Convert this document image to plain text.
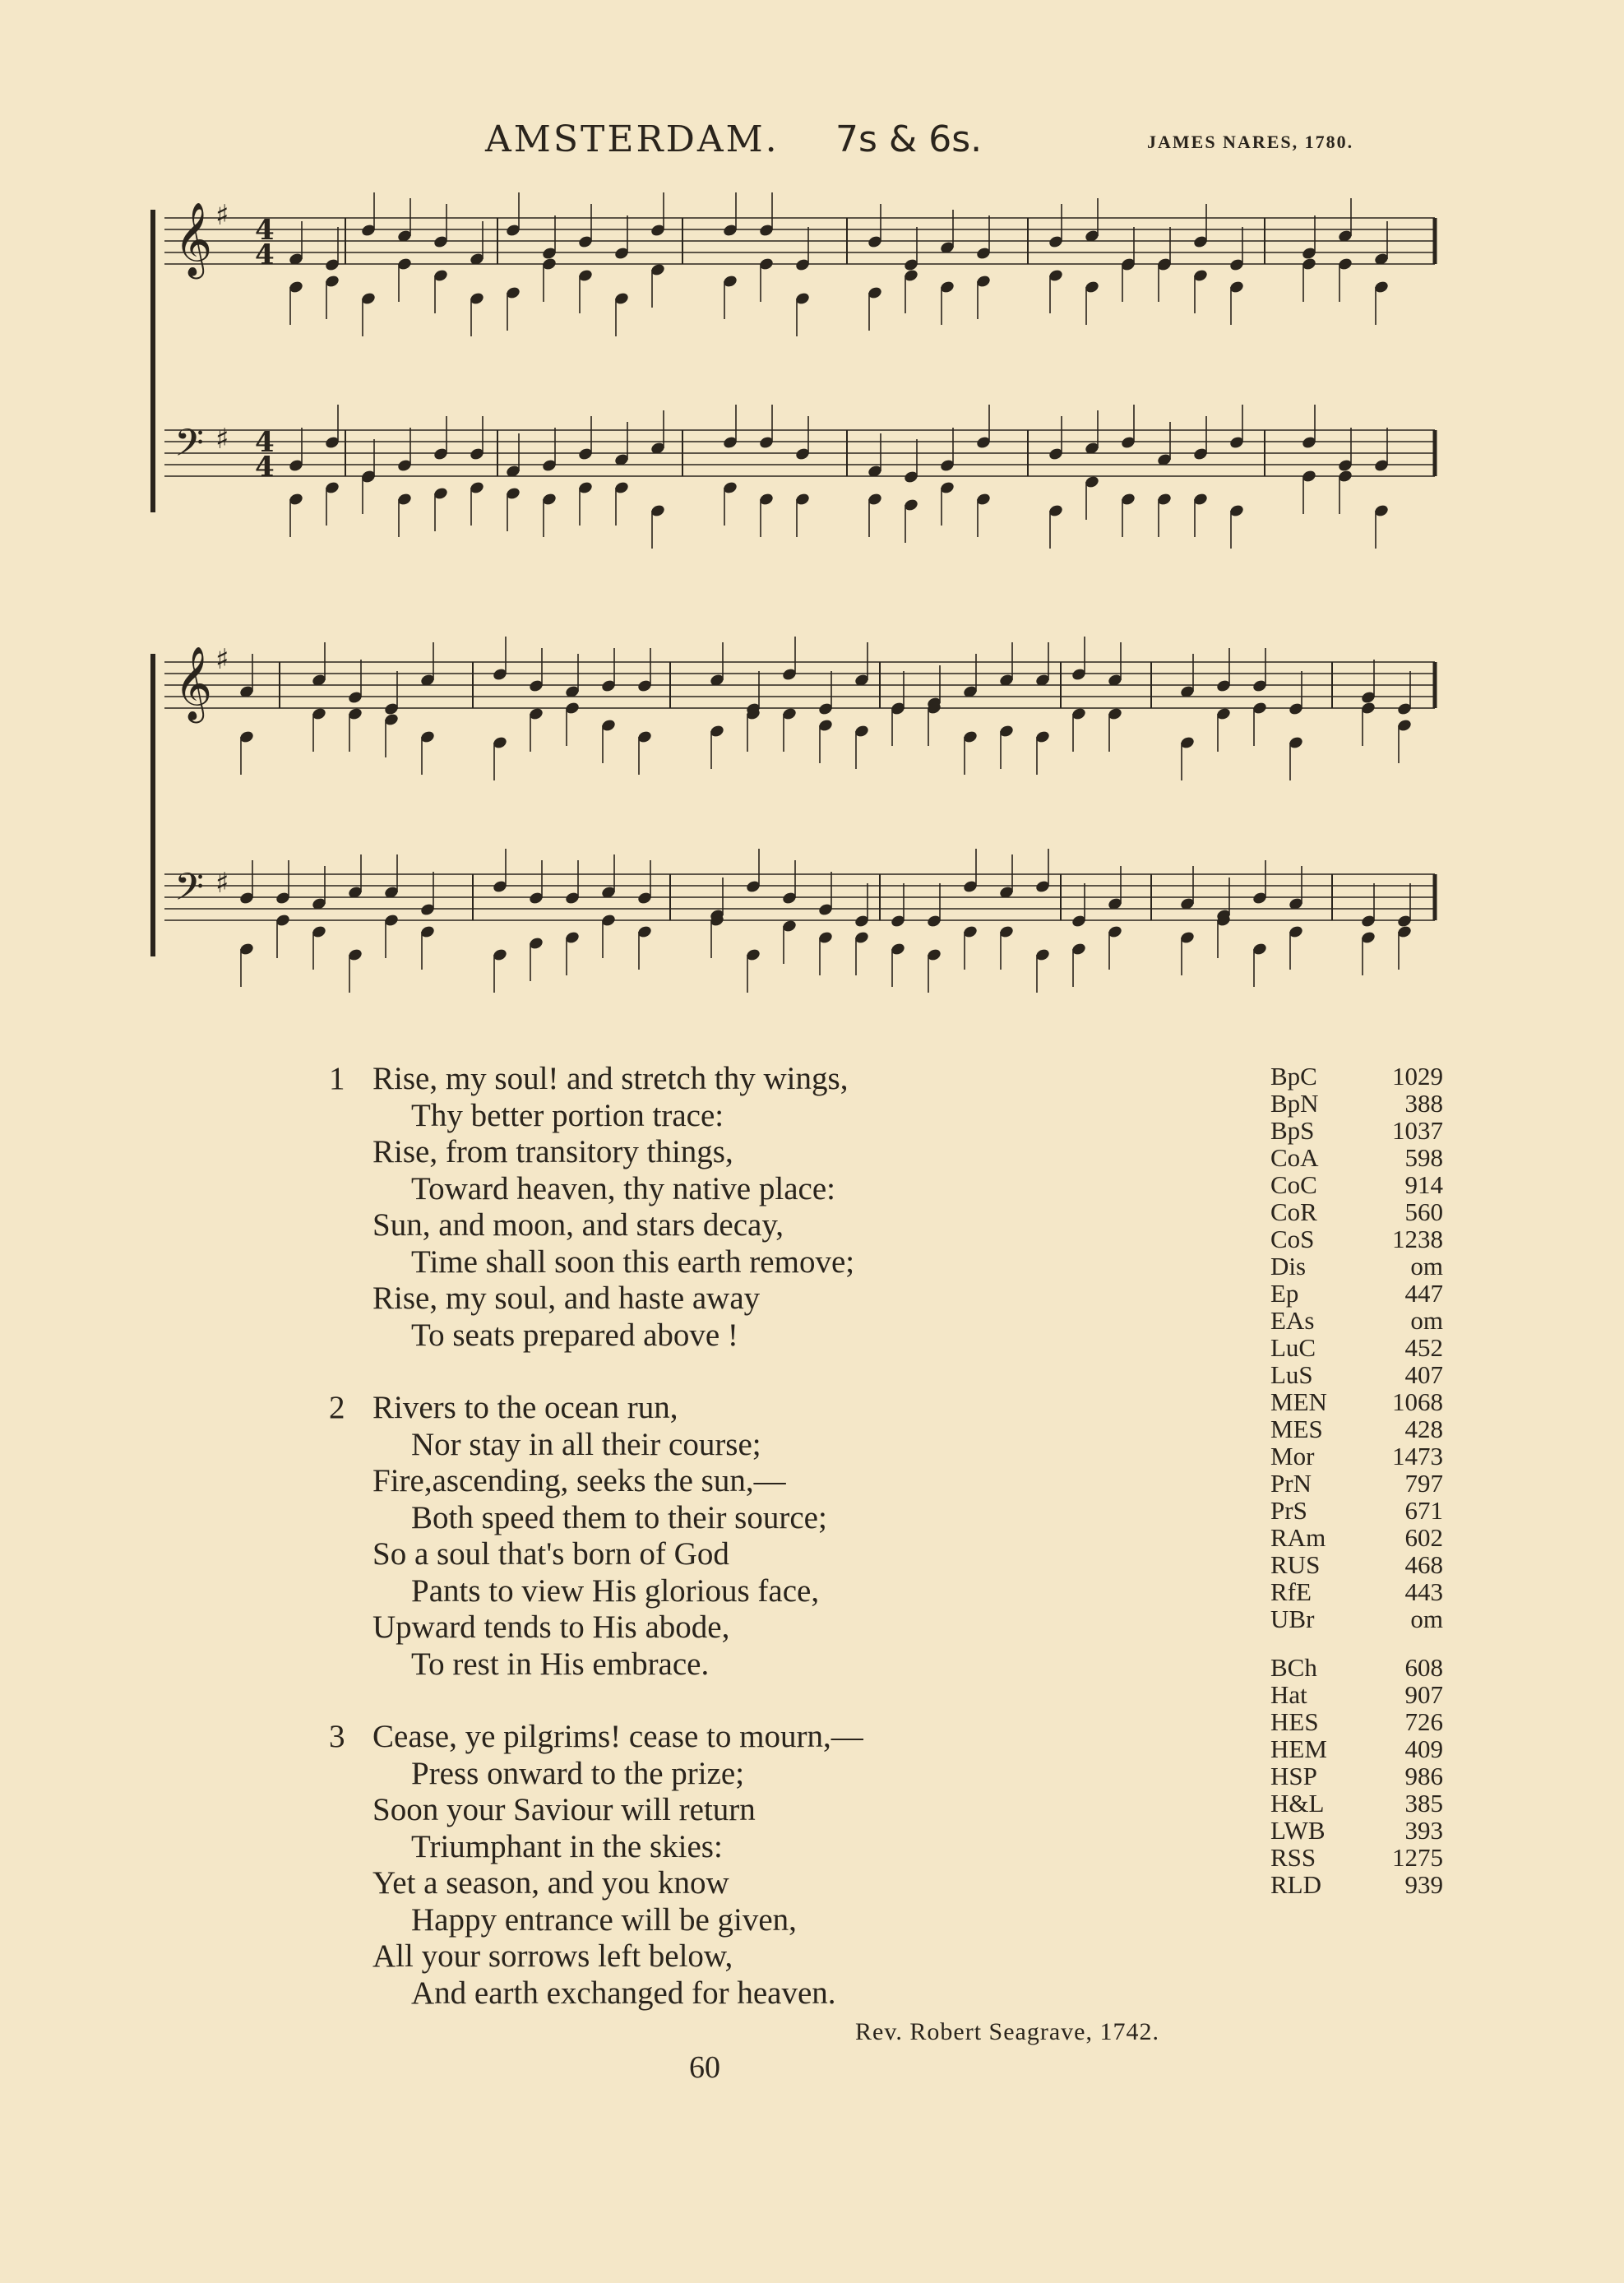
AMSTERDAM. 7s & 6s.	JAMES NARES, 1780.
𝄞 ♯ 4
4
𝄢 ♯ 4
4
𝄞 ♯
𝄢 ♯
1 Rise, my soul! and stretch thy wings,
Thy better portion trace:
Rise, from transitory things,
Toward heaven, thy native place:
Sun, and moon, and stars decay,
Time shall soon this earth remove;
Rise, my soul, and haste away
To seats prepared above !
2 Rivers to the ocean run,
Nor stay in all their course;
Fire,ascending, seeks the sun,—
Both speed them to their source;
So a soul that's born of God
Pants to view His glorious face,
Upward tends to His abode,
To rest in His embrace.
3 Cease, ye pilgrims! cease to mourn,—
Press onward to the prize;
Soon your Saviour will return
Triumphant in the skies:
Yet a season, and you know
Happy entrance will be given,
All your sorrows left below,
And earth exchanged for heaven.
Rev. Robert Seagrave, 1742.
60
BpC	1029
BpN	388
BpS	1037
CoA	598
CoC	914
CoR	560
CoS	1238
Dis	om
Ep	447
EAs	om
LuC	452
LuS	407
MEN	1068
MES	428
Mor	1473
PrN	797
PrS	671
RAm	602
RUS	468
RfE	443
UBr	om
BCh	608
Hat	907
HES	726
HEM	409
HSP	986
H&L	385
LWB	393
RSS	1275
RLD	939
